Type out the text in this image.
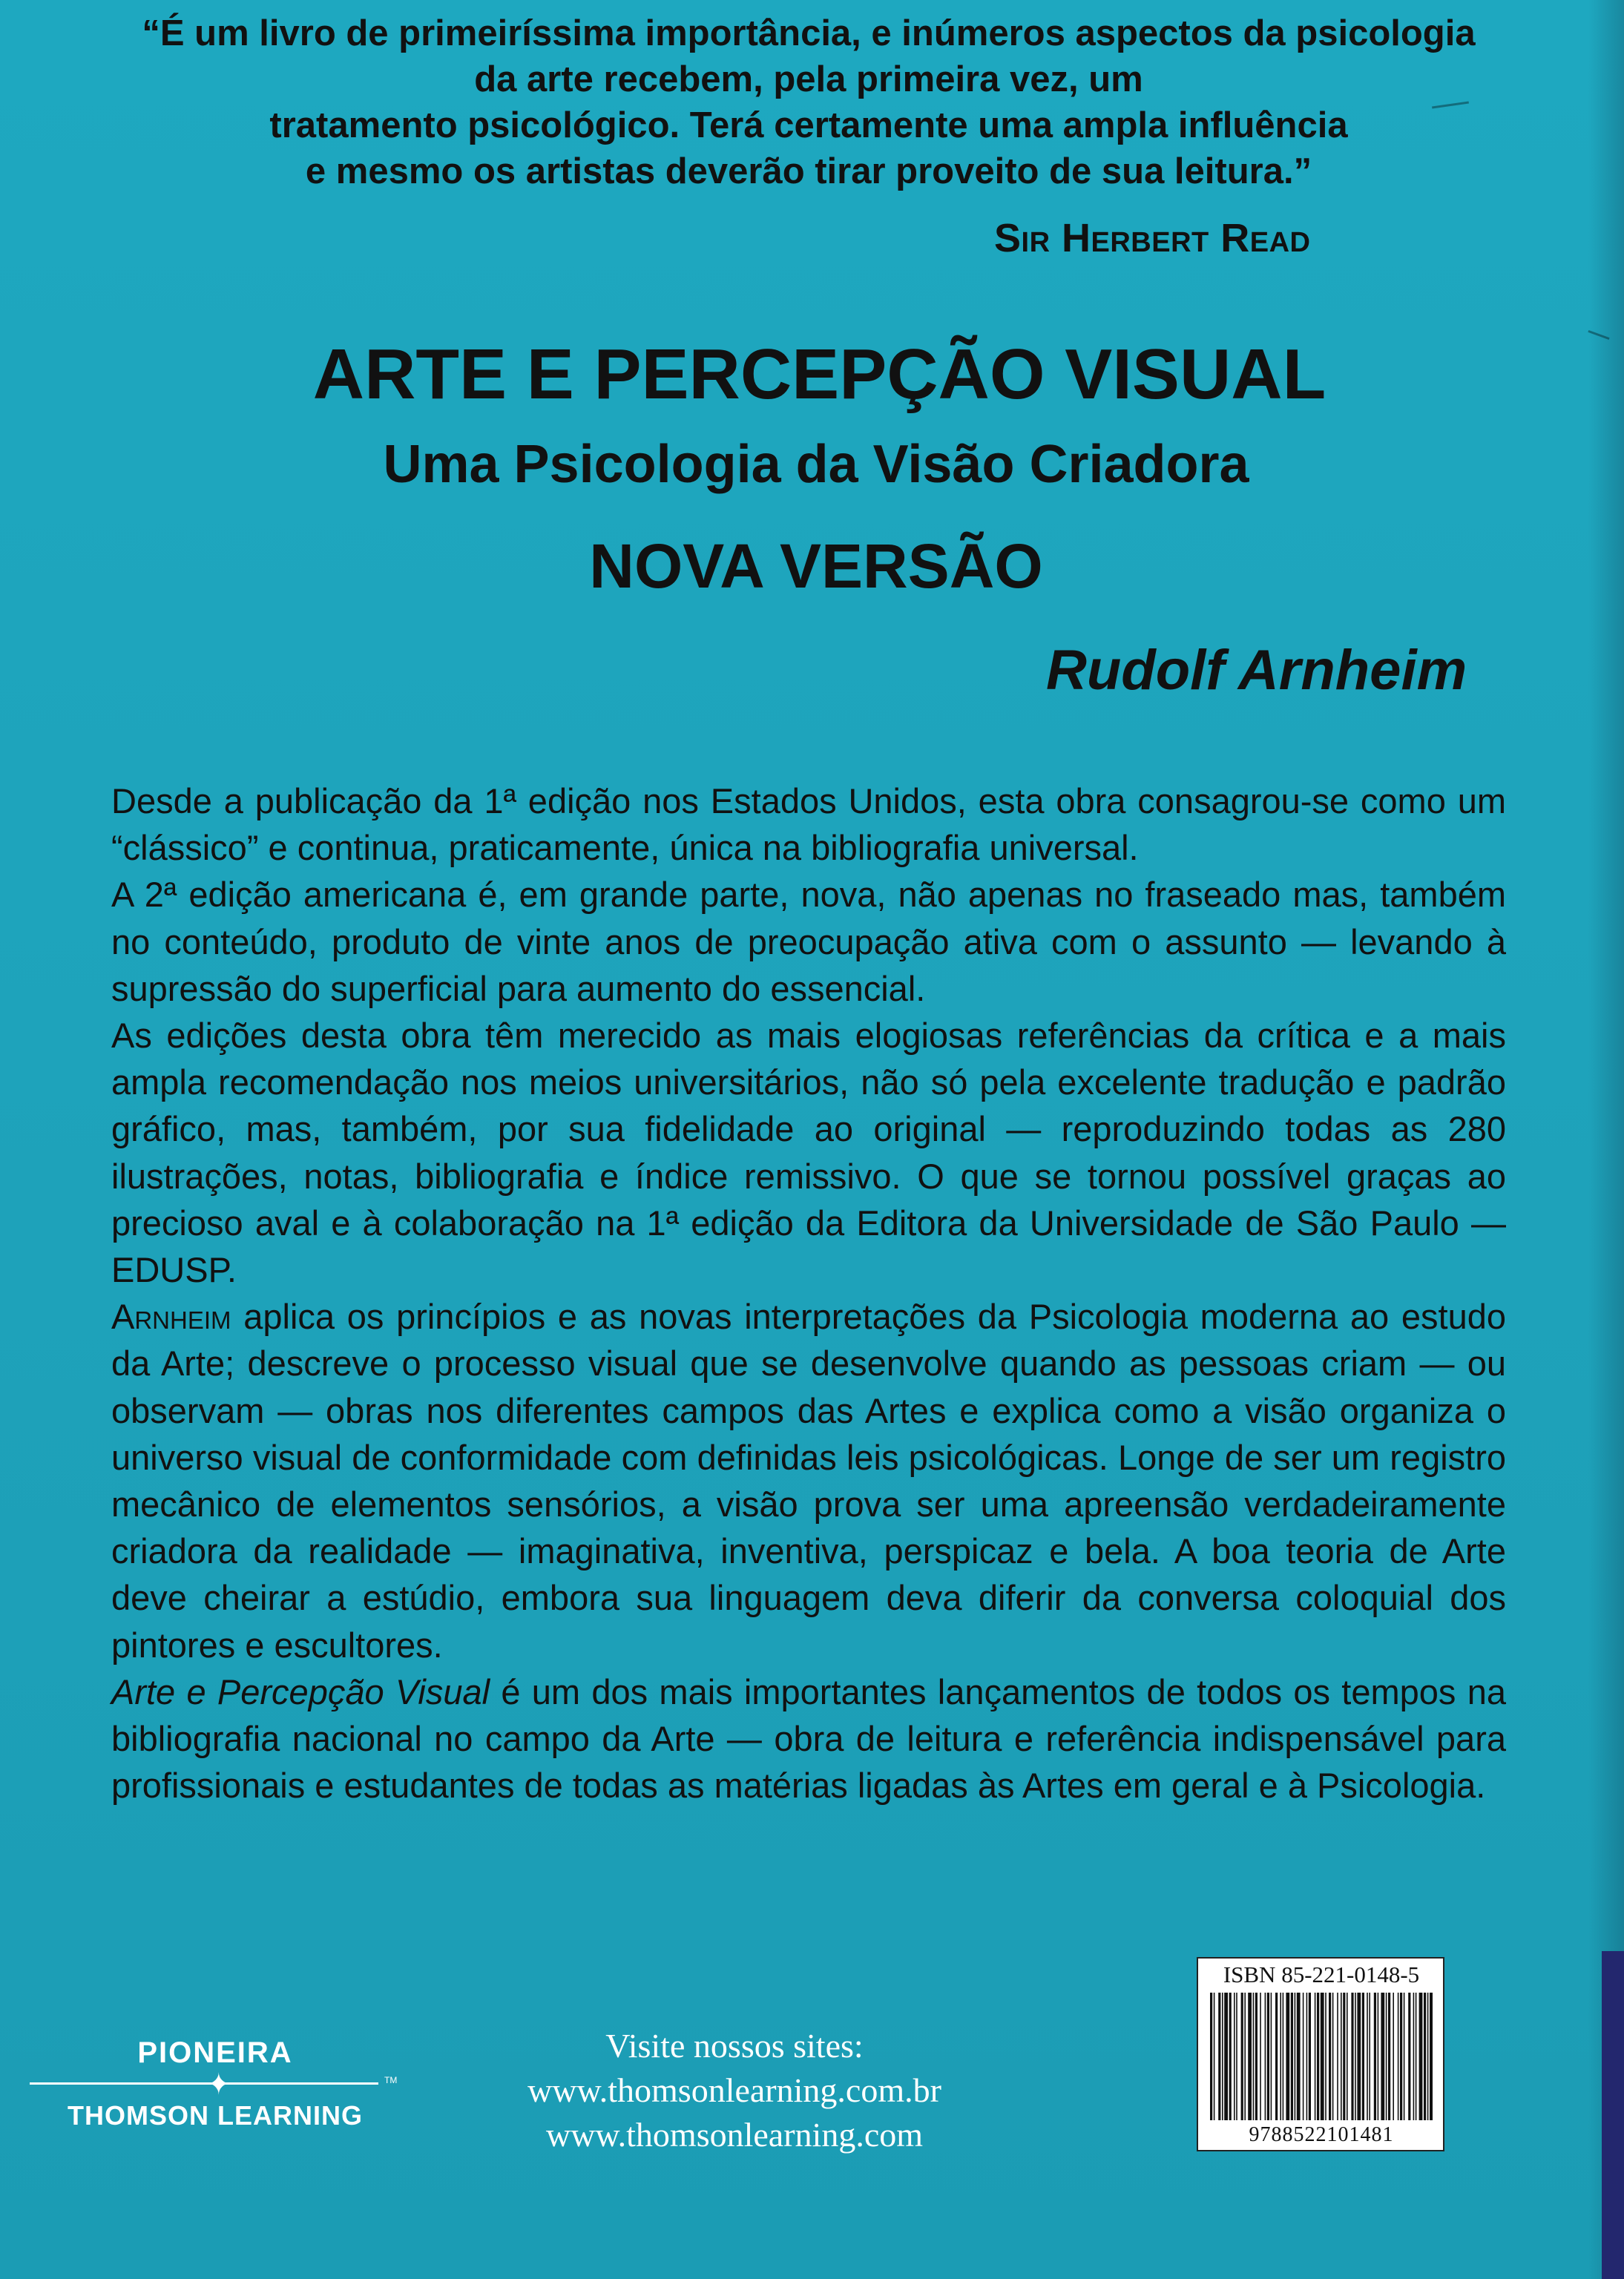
“É um livro de primeiríssima importância, e inúmeros aspectos da psicologia
da arte recebem, pela primeira vez, um
tratamento psicológico. Terá certamente uma ampla influência
e mesmo os artistas deverão tirar proveito de sua leitura.”
Sir Herbert Read
ARTE E PERCEPÇÃO VISUAL
Uma Psicologia da Visão Criadora
NOVA VERSÃO
Rudolf Arnheim

Desde a publicação da 1ª edição nos Estados Unidos, esta obra consagrou-se como um “clássico” e continua, praticamente, única na bibliografia universal.

A 2ª edição americana é, em grande parte, nova, não apenas no fraseado mas, também no conteúdo, produto de vinte anos de preocupação ativa com o assunto — levando à supressão do superficial para aumento do essencial.

As edições desta obra têm merecido as mais elogiosas referências da crítica e a mais ampla recomendação nos meios universitários, não só pela excelente tradução e padrão gráfico, mas, também, por sua fidelidade ao original — reproduzindo todas as 280 ilustrações, notas, bibliografia e índice remissivo. O que se tornou possível graças ao precioso aval e à colaboração na 1ª edição da Editora da Universidade de São Paulo — EDUSP.

Arnheim aplica os princípios e as novas interpretações da Psicologia moderna ao estudo da Arte; descreve o processo visual que se desenvolve quando as pessoas criam — ou observam — obras nos diferentes campos das Artes e explica como a visão organiza o universo visual de conformidade com definidas leis psicológicas. Longe de ser um registro mecânico de elementos sensórios, a visão prova ser uma apreensão verdadeiramente criadora da realidade — imaginativa, inventiva, perspicaz e bela. A boa teoria de Arte deve cheirar a estúdio, embora sua linguagem deva diferir da conversa coloquial dos pintores e escultores.

Arte e Percepção Visual é um dos mais importantes lançamentos de todos os tempos na bibliografia nacional no campo da Arte — obra de leitura e referência indispensável para profissionais e estudantes de todas as matérias ligadas às Artes em geral e à Psicologia.

PIONEIRA
✦	TM
THOMSON LEARNING
Visite nossos sites:
www.thomsonlearning.com.br
www.thomsonlearning.com
ISBN 85-221-0148-5
9788522101481
